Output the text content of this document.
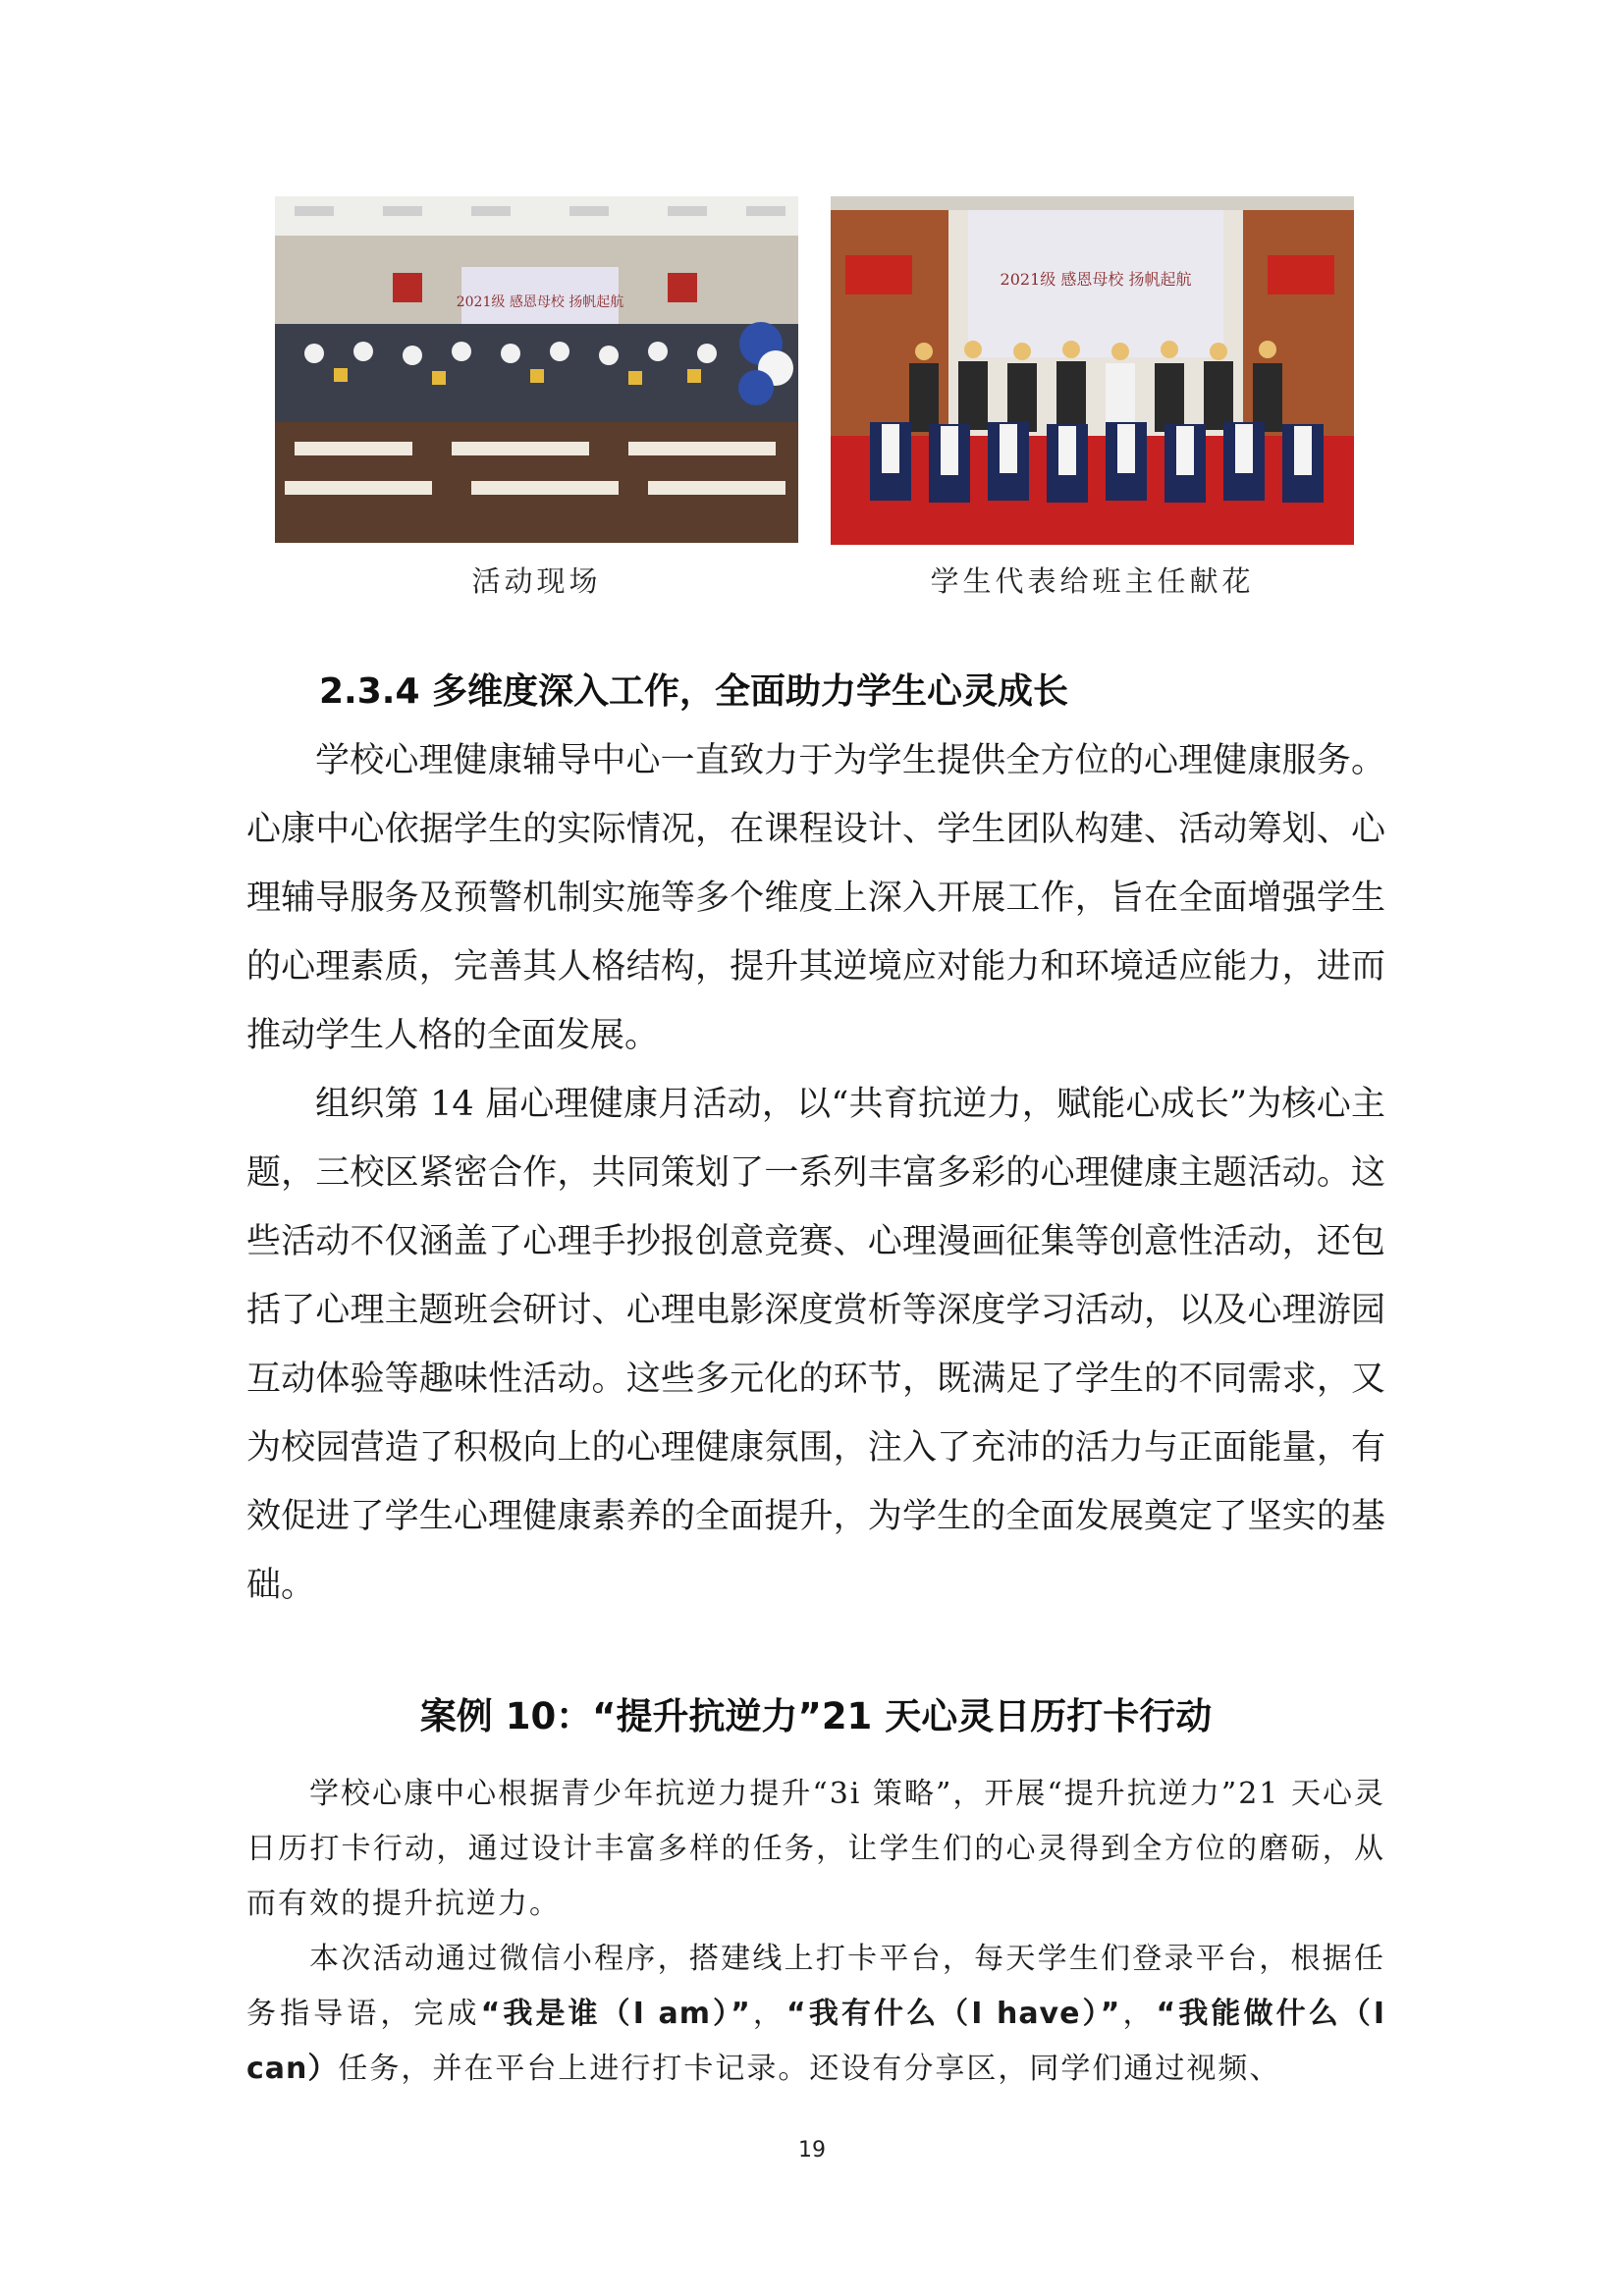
2021级 感恩母校 扬帆起航
活动现场
2021级 感恩母校 扬帆起航
学生代表给班主任献花
2.3.4 多维度深入工作，全面助力学生心灵成长

学校心理健康辅导中心一直致力于为学生提供全方位的心理健康服务。心康中心依据学生的实际情况，在课程设计、学生团队构建、活动筹划、心理辅导服务及预警机制实施等多个维度上深入开展工作，旨在全面增强学生的心理素质，完善其人格结构，提升其逆境应对能力和环境适应能力，进而推动学生人格的全面发展。

组织第 14 届心理健康月活动，以“共育抗逆力，赋能心成长”为核心主题，三校区紧密合作，共同策划了一系列丰富多彩的心理健康主题活动。这些活动不仅涵盖了心理手抄报创意竞赛、心理漫画征集等创意性活动，还包括了心理主题班会研讨、心理电影深度赏析等深度学习活动，以及心理游园互动体验等趣味性活动。这些多元化的环节，既满足了学生的不同需求，又为校园营造了积极向上的心理健康氛围，注入了充沛的活力与正面能量，有效促进了学生心理健康素养的全面提升，为学生的全面发展奠定了坚实的基础。

案例 10：“提升抗逆力”21 天心灵日历打卡行动

学校心康中心根据青少年抗逆力提升“3i 策略”，开展“提升抗逆力”21 天心灵日历打卡行动，通过设计丰富多样的任务，让学生们的心灵得到全方位的磨砺，从而有效的提升抗逆力。

本次活动通过微信小程序，搭建线上打卡平台，每天学生们登录平台，根据任务指导语，完成“我是谁（I am）”，“我有什么（I have）”，“我能做什么（I can）任务，并在平台上进行打卡记录。还设有分享区，同学们通过视频、

19
